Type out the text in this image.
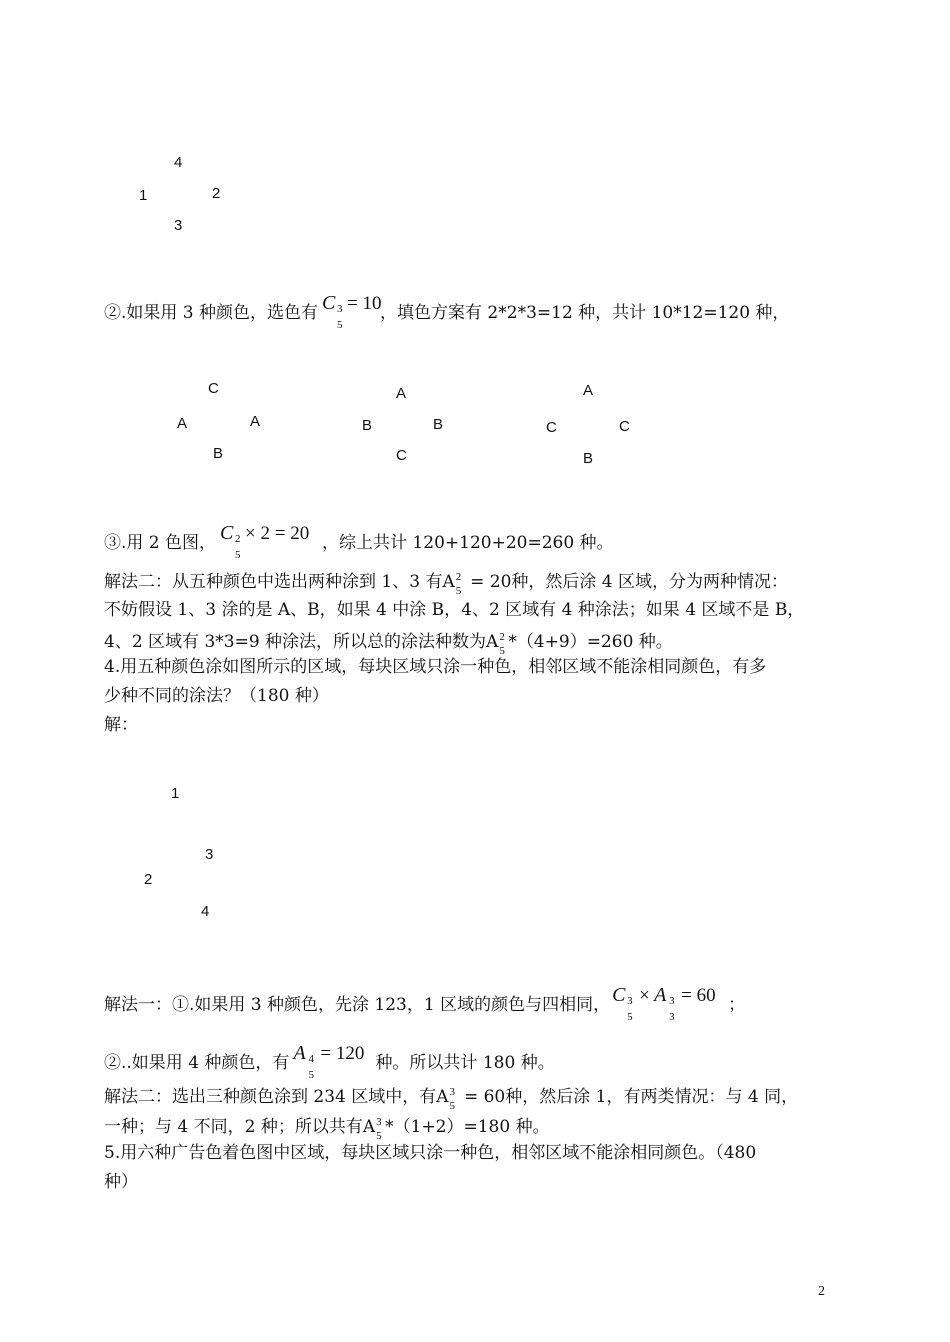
4
1	2
3
②.如果用 3 种颜色，选色有 C 3
5
= 10
，填色方案有 2*2*3=12 种，共计 10*12=120 种，
C
A	A
B
A
B	B
C
A
C	C
B
③.用 2 色图， C 2
5
× 2 = 20 ，综上共计 120+120+20=260 种。
解法二：从五种颜色中选出两种涂到 1、3 有A 2
5 = 20种，然后涂 4 区域，分为两种情况：
不妨假设 1、3 涂的是 A、B，如果 4 中涂 B，4、2 区域有 4 种涂法；如果 4 区域不是 B，
4、2 区域有 3*3=9 种涂法，所以总的涂法种数为A 2
5 *（4+9）=260 种。
4.用五种颜色涂如图所示的区域，每块区域只涂一种色，相邻区域不能涂相同颜色，有多
少种不同的涂法？（180 种）
解：
1
3
2
4
解法一：①.如果用 3 种颜色，先涂 123，1 区域的颜色与四相同， C 3
5
× A 3
3
= 60 ；
②..如果用 4 种颜色，有 A 4
5
= 120 种。所以共计 180 种。
解法二：选出三种颜色涂到 234 区域中，有A 3
5 = 60种，然后涂 1，有两类情况：与 4 同，
一种；与 4 不同，2 种；所以共有A 3
5 *（1+2）=180 种。
5.用六种广告色着色图中区域，每块区域只涂一种色，相邻区域不能涂相同颜色。（480
种）
2
